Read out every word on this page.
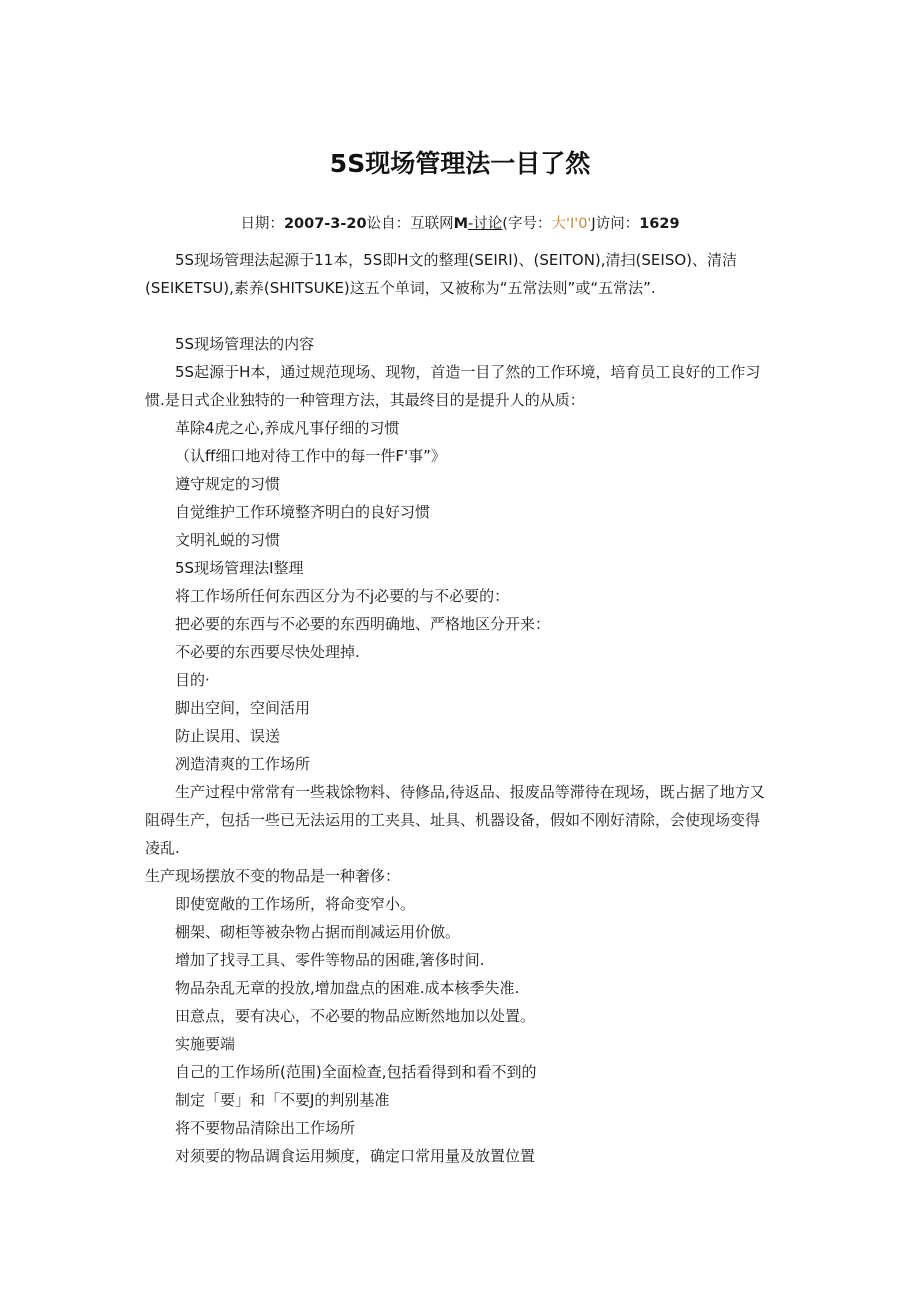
5S现场管理法一目了然
日期：2007-3-20讼自：互联网M-讨论(字号：大'I'0'J访问：1629
5S现场管理法起源于11本，5S即H文的整理(SEIRI)、(SEITON),清扫(SEISO)、清洁
(SEIKETSU),素养(SHITSUKE)这五个单词，又被称为“五常法则”或“五常法”.
5S现场管理法的内容
5S起源于H本，通过规范现场、现物，首造一目了然的工作环境，培育员工良好的工作习
惯.是日式企业独特的一种管理方法，其最终目的是提升人的从质：
革除4虎之心,养成凡事仔细的习惯
（认ff细口地对待工作中的每一件F'事”》
遵守规定的习惯
自觉维护工作环境整齐明白的良好习惯
文明礼蜕的习惯
5S现场管理法I整理
将工作场所任何东西区分为不j必要的与不必要的：
把必要的东西与不必要的东西明确地、严格地区分开来：
不必要的东西要尽快处理掉.
目的·
脚出空间，空间活用
防止误用、误送
冽造清爽的工作场所
生产过程中常常有一些栽馀物料、待修品,待返品、报废品等滞待在现场，既占据了地方又
阻碍生产，包括一些已无法运用的工夹具、址具、机器设备，假如不刚好清除，会使现场变得
凌乱.
生产现场摆放不变的物品是一种奢侈：
即使宽敞的工作场所，将命变窄小。
棚架、砌柜等被杂物占据而削减运用价倣。
增加了找寻工具、零件等物品的困碓,箸侈时间.
物品杂乱无章的投放,增加盘点的困难.成本核季失准.
田意点，要有决心，不必要的物品应断然地加以处置。
实施要端
自己的工作场所(范围)全面检查,包括看得到和看不到的
制定「要」和「不要J的判别基准
将不要物品清除出工作场所
对须要的物品调食运用频度，确定口常用量及放置位置
